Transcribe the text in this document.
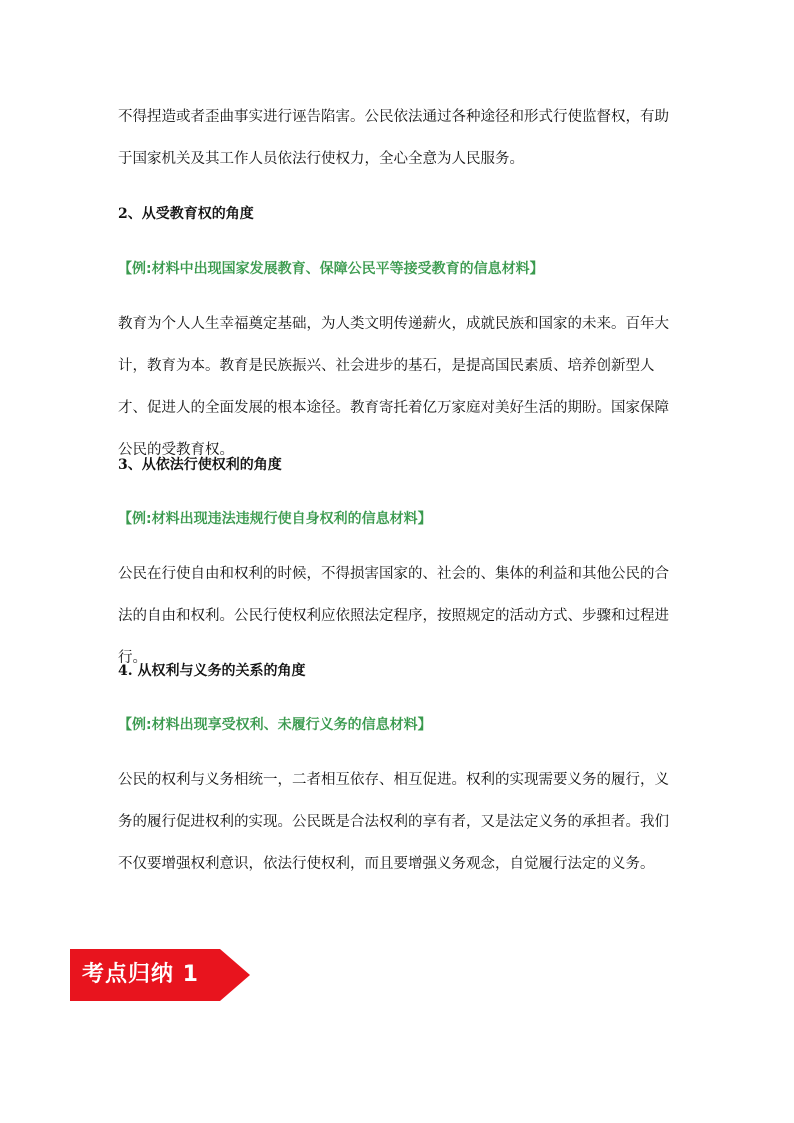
不得捏造或者歪曲事实进行诬告陷害。公民依法通过各种途径和形式行使监督权，有助于国家机关及其工作人员依法行使权力，全心全意为人民服务。
2、从受教育权的角度
【例:材料中出现国家发展教育、保障公民平等接受教育的信息材料】
教育为个人人生幸福奠定基础，为人类文明传递薪火，成就民族和国家的未来。百年大计，教育为本。教育是民族振兴、社会进步的基石，是提高国民素质、培养创新型人才、促进人的全面发展的根本途径。教育寄托着亿万家庭对美好生活的期盼。国家保障公民的受教育权。
3、从依法行使权利的角度
【例:材料出现违法违规行使自身权利的信息材料】
公民在行使自由和权利的时候，不得损害国家的、社会的、集体的利益和其他公民的合法的自由和权利。公民行使权利应依照法定程序，按照规定的活动方式、步骤和过程进行。
4. 从权利与义务的关系的角度
【例:材料出现享受权利、未履行义务的信息材料】
公民的权利与义务相统一，二者相互依存、相互促进。权利的实现需要义务的履行，义务的履行促进权利的实现。公民既是合法权利的享有者，又是法定义务的承担者。我们不仅要增强权利意识，依法行使权利，而且要增强义务观念，自觉履行法定的义务。
考点归纳 1
